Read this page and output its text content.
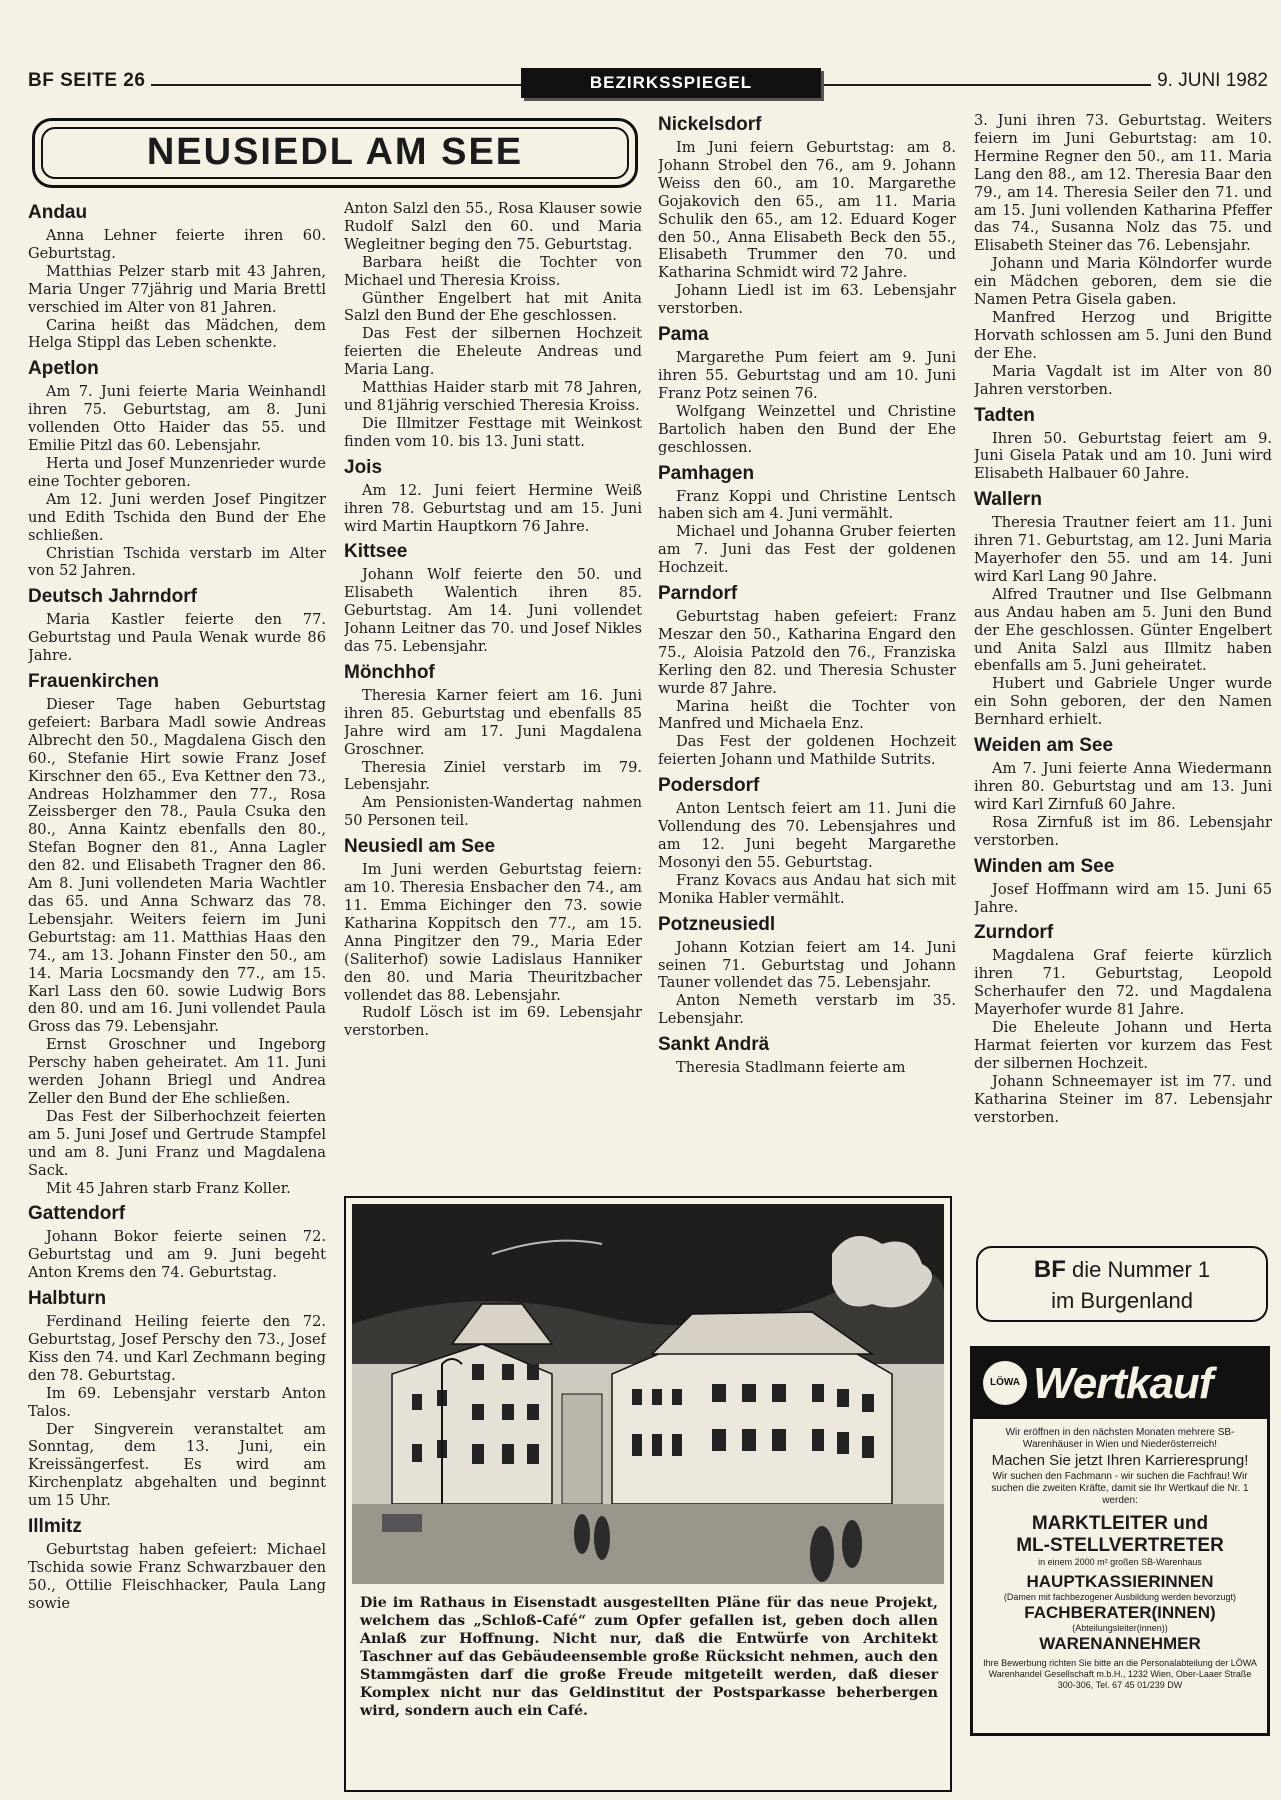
BF SEITE 26	BEZIRKSSPIEGEL	9. JUNI 1982
NEUSIEDL AM SEE
Andau

Anna Lehner feierte ihren 60. Geburtstag.

Matthias Pelzer starb mit 43 Jahren, Maria Unger 77jährig und Maria Brettl verschied im Alter von 81 Jahren.

Carina heißt das Mädchen, dem Helga Stippl das Leben schenkte.

Apetlon

Am 7. Juni feierte Maria Weinhandl ihren 75. Geburtstag, am 8. Juni vollenden Otto Haider das 55. und Emilie Pitzl das 60. Lebensjahr.

Herta und Josef Munzenrieder wurde eine Tochter geboren.

Am 12. Juni werden Josef Pingitzer und Edith Tschida den Bund der Ehe schließen.

Christian Tschida verstarb im Alter von 52 Jahren.

Deutsch Jahrndorf

Maria Kastler feierte den 77. Geburtstag und Paula Wenak wurde 86 Jahre.

Frauenkirchen

Dieser Tage haben Geburtstag gefeiert: Barbara Madl sowie Andreas Albrecht den 50., Magdalena Gisch den 60., Stefanie Hirt sowie Franz Josef Kirschner den 65., Eva Kettner den 73., Andreas Holzhammer den 77., Rosa Zeissberger den 78., Paula Csuka den 80., Anna Kaintz ebenfalls den 80., Stefan Bogner den 81., Anna Lagler den 82. und Elisabeth Tragner den 86. Am 8. Juni vollendeten Maria Wachtler das 65. und Anna Schwarz das 78. Lebensjahr. Weiters feiern im Juni Geburtstag: am 11. Matthias Haas den 74., am 13. Johann Finster den 50., am 14. Maria Locsmandy den 77., am 15. Karl Lass den 60. sowie Ludwig Bors den 80. und am 16. Juni vollendet Paula Gross das 79. Lebensjahr.

Ernst Groschner und Ingeborg Perschy haben geheiratet. Am 11. Juni werden Johann Briegl und Andrea Zeller den Bund der Ehe schließen.

Das Fest der Silberhochzeit feierten am 5. Juni Josef und Gertrude Stampfel und am 8. Juni Franz und Magdalena Sack.

Mit 45 Jahren starb Franz Koller.

Gattendorf

Johann Bokor feierte seinen 72. Geburtstag und am 9. Juni begeht Anton Krems den 74. Geburtstag.

Halbturn

Ferdinand Heiling feierte den 72. Geburtstag, Josef Perschy den 73., Josef Kiss den 74. und Karl Zechmann beging den 78. Geburtstag.

Im 69. Lebensjahr verstarb Anton Talos.

Der Singverein veranstaltet am Sonntag, dem 13. Juni, ein Kreissängerfest. Es wird am Kirchenplatz abgehalten und beginnt um 15 Uhr.

Illmitz

Geburtstag haben gefeiert: Michael Tschida sowie Franz Schwarzbauer den 50., Ottilie Fleischhacker, Paula Lang sowie

Anton Salzl den 55., Rosa Klauser sowie Rudolf Salzl den 60. und Maria Wegleitner beging den 75. Geburtstag.

Barbara heißt die Tochter von Michael und Theresia Kroiss.

Günther Engelbert hat mit Anita Salzl den Bund der Ehe geschlossen.

Das Fest der silbernen Hochzeit feierten die Eheleute Andreas und Maria Lang.

Matthias Haider starb mit 78 Jahren, und 81jährig verschied Theresia Kroiss.

Die Illmitzer Festtage mit Weinkost finden vom 10. bis 13. Juni statt.

Jois

Am 12. Juni feiert Hermine Weiß ihren 78. Geburtstag und am 15. Juni wird Martin Hauptkorn 76 Jahre.

Kittsee

Johann Wolf feierte den 50. und Elisabeth Walentich ihren 85. Geburtstag. Am 14. Juni vollendet Johann Leitner das 70. und Josef Nikles das 75. Lebensjahr.

Mönchhof

Theresia Karner feiert am 16. Juni ihren 85. Geburtstag und ebenfalls 85 Jahre wird am 17. Juni Magdalena Groschner.

Theresia Ziniel verstarb im 79. Lebensjahr.

Am Pensionisten-Wandertag nahmen 50 Personen teil.

Neusiedl am See

Im Juni werden Geburtstag feiern: am 10. Theresia Ensbacher den 74., am 11. Emma Eichinger den 73. sowie Katharina Koppitsch den 77., am 15. Anna Pingitzer den 79., Maria Eder (Saliterhof) sowie Ladislaus Hanniker den 80. und Maria Theuritzbacher vollendet das 88. Lebensjahr.

Rudolf Lösch ist im 69. Lebensjahr verstorben.

Nickelsdorf

Im Juni feiern Geburtstag: am 8. Johann Strobel den 76., am 9. Johann Weiss den 60., am 10. Margarethe Gojakovich den 65., am 11. Maria Schulik den 65., am 12. Eduard Koger den 50., Anna Elisabeth Beck den 55., Elisabeth Trummer den 70. und Katharina Schmidt wird 72 Jahre.

Johann Liedl ist im 63. Lebensjahr verstorben.

Pama

Margarethe Pum feiert am 9. Juni ihren 55. Geburtstag und am 10. Juni Franz Potz seinen 76.

Wolfgang Weinzettel und Christine Bartolich haben den Bund der Ehe geschlossen.

Pamhagen

Franz Koppi und Christine Lentsch haben sich am 4. Juni vermählt.

Michael und Johanna Gruber feierten am 7. Juni das Fest der goldenen Hochzeit.

Parndorf

Geburtstag haben gefeiert: Franz Meszar den 50., Katharina Engard den 75., Aloisia Patzold den 76., Franziska Kerling den 82. und Theresia Schuster wurde 87 Jahre.

Marina heißt die Tochter von Manfred und Michaela Enz.

Das Fest der goldenen Hochzeit feierten Johann und Mathilde Sutrits.

Podersdorf

Anton Lentsch feiert am 11. Juni die Vollendung des 70. Lebensjahres und am 12. Juni begeht Margarethe Mosonyi den 55. Geburtstag.

Franz Kovacs aus Andau hat sich mit Monika Habler vermählt.

Potzneusiedl

Johann Kotzian feiert am 14. Juni seinen 71. Geburtstag und Johann Tauner vollendet das 75. Lebensjahr.

Anton Nemeth verstarb im 35. Lebensjahr.

Sankt Andrä

Theresia Stadlmann feierte am

3. Juni ihren 73. Geburtstag. Weiters feiern im Juni Geburtstag: am 10. Hermine Regner den 50., am 11. Maria Lang den 88., am 12. Theresia Baar den 79., am 14. Theresia Seiler den 71. und am 15. Juni vollenden Katharina Pfeffer das 74., Susanna Nolz das 75. und Elisabeth Steiner das 76. Lebensjahr.

Johann und Maria Kölndorfer wurde ein Mädchen geboren, dem sie die Namen Petra Gisela gaben.

Manfred Herzog und Brigitte Horvath schlossen am 5. Juni den Bund der Ehe.

Maria Vagdalt ist im Alter von 80 Jahren verstorben.

Tadten

Ihren 50. Geburtstag feiert am 9. Juni Gisela Patak und am 10. Juni wird Elisabeth Halbauer 60 Jahre.

Wallern

Theresia Trautner feiert am 11. Juni ihren 71. Geburtstag, am 12. Juni Maria Mayerhofer den 55. und am 14. Juni wird Karl Lang 90 Jahre.

Alfred Trautner und Ilse Gelbmann aus Andau haben am 5. Juni den Bund der Ehe geschlossen. Günter Engelbert und Anita Salzl aus Illmitz haben ebenfalls am 5. Juni geheiratet.

Hubert und Gabriele Unger wurde ein Sohn geboren, der den Namen Bernhard erhielt.

Weiden am See

Am 7. Juni feierte Anna Wiedermann ihren 80. Geburtstag und am 13. Juni wird Karl Zirnfuß 60 Jahre.

Rosa Zirnfuß ist im 86. Lebensjahr verstorben.

Winden am See

Josef Hoffmann wird am 15. Juni 65 Jahre.

Zurndorf

Magdalena Graf feierte kürzlich ihren 71. Geburtstag, Leopold Scherhaufer den 72. und Magdalena Mayerhofer wurde 81 Jahre.

Die Eheleute Johann und Herta Harmat feierten vor kurzem das Fest der silbernen Hochzeit.

Johann Schneemayer ist im 77. und Katharina Steiner im 87. Lebensjahr verstorben.

Die im Rathaus in Eisenstadt ausgestellten Pläne für das neue Projekt, welchem das „Schloß-Café“ zum Opfer gefallen ist, geben doch allen Anlaß zur Hoffnung. Nicht nur, daß die Entwürfe von Architekt Taschner auf das Gebäudeensemble große Rücksicht nehmen, auch den Stammgästen darf die große Freude mitgeteilt werden, daß dieser Komplex nicht nur das Geldinstitut der Postsparkasse beherbergen wird, sondern auch ein Café.
BF die Nummer 1
im Burgenland
LÖWA Wertkauf
Wir eröffnen in den nächsten Monaten mehrere SB-Warenhäuser in Wien und Niederösterreich!
Machen Sie jetzt Ihren Karrieresprung!
Wir suchen den Fachmann - wir suchen die Fachfrau! Wir suchen die zweiten Kräfte, damit sie Ihr Wertkauf die Nr. 1 werden:
MARKTLEITER und
ML-STELLVERTRETER
in einem 2000 m² großen SB-Warenhaus
HAUPTKASSIERINNEN
(Damen mit fachbezogener Ausbildung werden bevorzugt)
FACHBERATER(INNEN)
(Abteilungsleiter(innen))
WARENANNEHMER
Ihre Bewerbung richten Sie bitte an die Personalabteilung der LÖWA Warenhandel Gesellschaft m.b.H., 1232 Wien, Ober-Laaer Straße 300-306, Tel. 67 45 01/239 DW
